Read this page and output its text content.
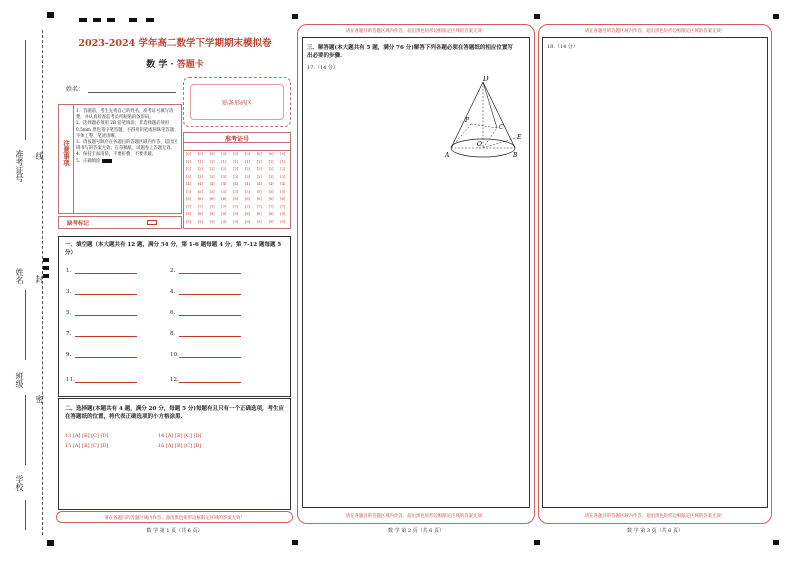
准考证号 线
姓名 封
班级
密
学校
2023-2024 学年高二数学下学期期末模拟卷
数 学 · 答题卡
姓名：
贴条形码区
注意事项
1．答题前，考生先将自己的姓名，准考证号填写清楚，并认真检查监考员所粘贴的条形码。
2．选择题必须用 2B 铅笔填涂；非选择题必须用 0.5mm 黑色签字笔答题，不得用铅笔或圆珠笔答题；字体工整、笔迹清晰。
3．请按题号顺序在各题目的答题区域内作答，超出区域书写的答案无效；在草稿纸、试题卷上答题无效。
4．保持卡面清洁，不要折叠、不要弄破。
5．正确填涂
缺考标记
准考证号
[0] [0] [0] [0] [0] [0] [0] [0] [0]
[1] [1] [1] [1] [1] [1] [1] [1] [1]
[2] [2] [2] [2] [2] [2] [2] [2] [2]
[3] [3] [3] [3] [3] [3] [3] [3] [3]
[4] [4] [4] [4] [4] [4] [4] [4] [4]
[5] [5] [5] [5] [5] [5] [5] [5] [5]
[6] [6] [6] [6] [6] [6] [6] [6] [6]
[7] [7] [7] [7] [7] [7] [7] [7] [7]
[8] [8] [8] [8] [8] [8] [8] [8] [8]
[9] [9] [9] [9] [9] [9] [9] [9] [9]
一、填空题（本大题共有 12 题，满分 54 分，第 1-6 题每题 4 分，第 7-12 题每题 5 分）
1.	2.
3.	4.
5.	6.
7.	8.
9.	10.
11.	12.
二、选择题(本题共有 4 题，满分 20 分，每题 5 分)每题有且只有一个正确选项，考生应在答题纸的位置，将代表正确选项的小方格涂黑.
13 [A] [B] [C] [D]	14 [A] [B] [C] [D]
15 [A] [B] [C] [D]	16 [A] [B] [C] [D]
请在各题目的答题区域内作答，超出黑色矩形边框限定区域的答案无效！
数 学 第 1 页（共 6 页）
请在各题目的答题区域内作答，超出黑色矩形边框限定区域的答案无效！
三、解答题(本大题共有 5 题，满分 76 分)解答下列各题必须在答题纸的相应位置写出必要的步骤.
17.（14 分）
D
P
C
E
O
A	B
请在各题目的答题区域内作答，超出黑色矩形边框限定区域的答案无效！
数 学 第 2 页（共 6 页）
请在各题目的答题区域内作答，超出黑色矩形边框限定区域的答案无效！
18.（14 分）
请在各题目的答题区域内作答，超出黑色矩形边框限定区域的答案无效！
数 学 第 3 页（共 6 页）
